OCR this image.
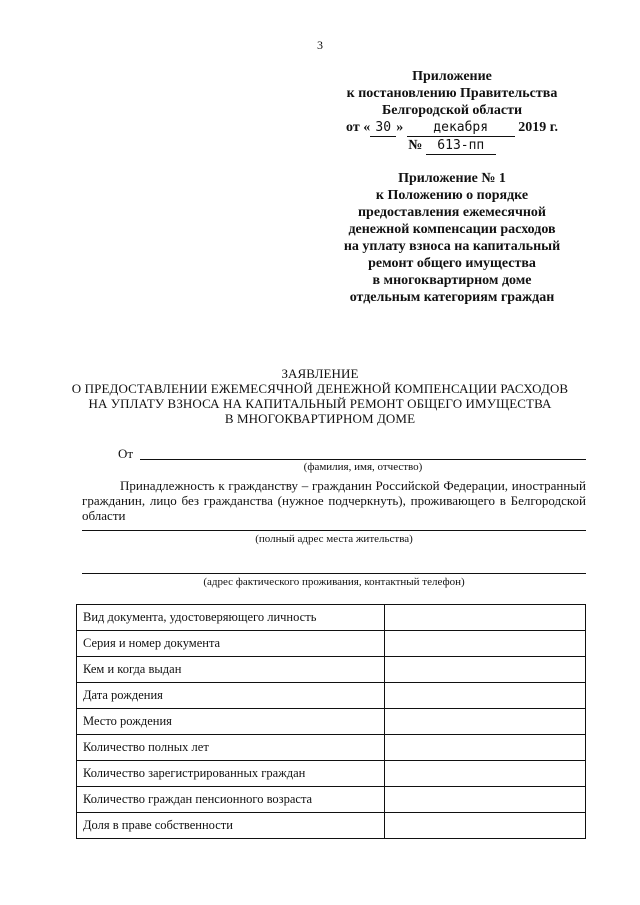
3
Приложение
к постановлению Правительства
Белгородской области
от « 30 » декабря 2019 г.
№ 613-пп
Приложение № 1
к Положению о порядке
предоставления ежемесячной
денежной компенсации расходов
на уплату взноса на капитальный
ремонт общего имущества
в многоквартирном доме
отдельным категориям граждан
ЗАЯВЛЕНИЕ
О ПРЕДОСТАВЛЕНИИ ЕЖЕМЕСЯЧНОЙ ДЕНЕЖНОЙ КОМПЕНСАЦИИ РАСХОДОВ
НА УПЛАТУ ВЗНОСА НА КАПИТАЛЬНЫЙ РЕМОНТ ОБЩЕГО ИМУЩЕСТВА
В МНОГОКВАРТИРНОМ ДОМЕ
От
(фамилия, имя, отчество)
Принадлежность к гражданству – гражданин Российской Федерации, иностранный гражданин, лицо без гражданства (нужное подчеркнуть), проживающего в Белгородской области
(полный адрес места жительства)
(адрес фактического проживания, контактный телефон)
Вид документа, удостоверяющего личность	
Серия и номер документа	
Кем и когда выдан	
Дата рождения	
Место рождения	
Количество полных лет	
Количество зарегистрированных граждан	
Количество граждан пенсионного возраста	
Доля в праве собственности	
